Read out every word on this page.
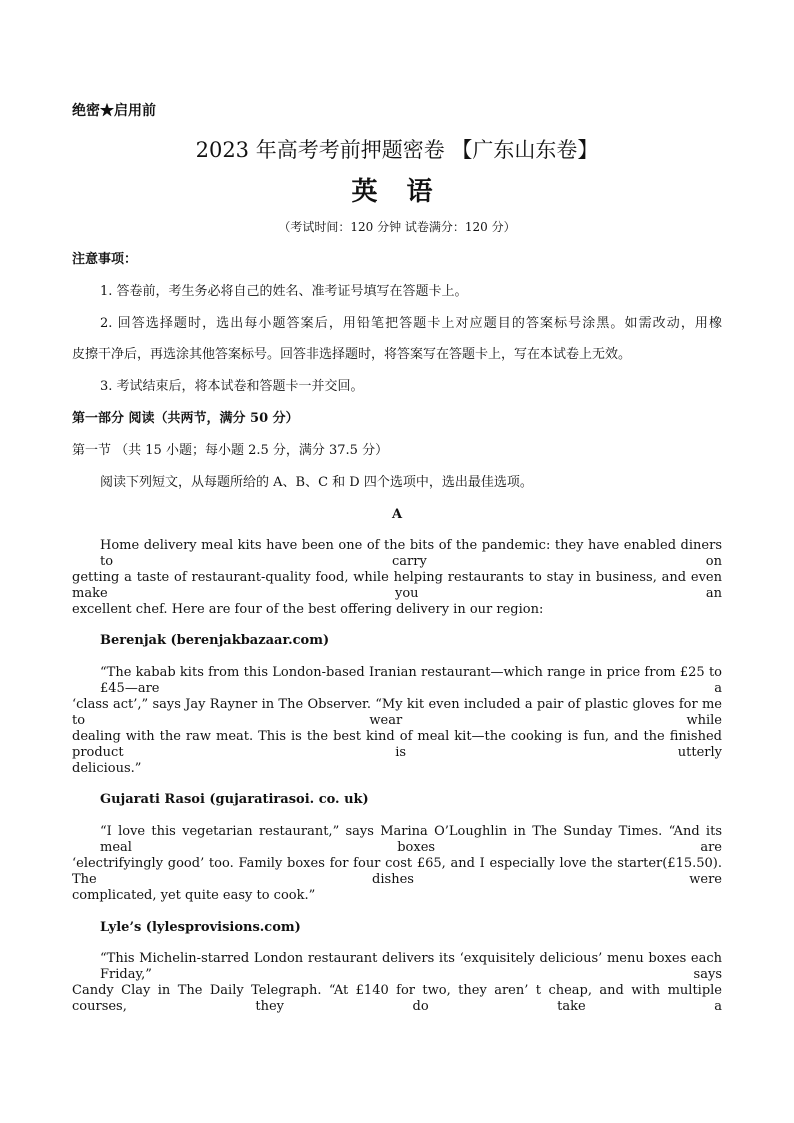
绝密★启用前
2023 年高考考前押题密卷 【广东山东卷】
英 语
（考试时间：120 分钟 试卷满分：120 分）
注意事项：
1. 答卷前，考生务必将自己的姓名、准考证号填写在答题卡上。
2. 回答选择题时，选出每小题答案后，用铅笔把答题卡上对应题目的答案标号涂黑。如需改动，用橡
皮擦干净后，再选涂其他答案标号。回答非选择题时，将答案写在答题卡上，写在本试卷上无效。
3. 考试结束后，将本试卷和答题卡一并交回。
第一部分 阅读（共两节，满分 50 分）
第一节 （共 15 小题；每小题 2.5 分，满分 37.5 分）
阅读下列短文，从每题所给的 A、B、C 和 D 四个选项中，选出最佳选项。
A
Home delivery meal kits have been one of the bits of the pandemic: they have enabled diners to carry on
getting a taste of restaurant-quality food, while helping restaurants to stay in business, and even make you an
excellent chef. Here are four of the best offering delivery in our region:
Berenjak (berenjakbazaar.com)
“The kabab kits from this London-based Iranian restaurant—which range in price from £25 to £45—are a
‘class act’,” says Jay Rayner in The Observer. “My kit even included a pair of plastic gloves for me to wear while
dealing with the raw meat. This is the best kind of meal kit—the cooking is fun, and the finished product is utterly
delicious.”
Gujarati Rasoi (gujaratirasoi. co. uk)
“I love this vegetarian restaurant,” says Marina O’Loughlin in The Sunday Times. “And its meal boxes are
‘electrifyingly good’ too. Family boxes for four cost £65, and I especially love the starter(£15.50). The dishes were
complicated, yet quite easy to cook.”
Lyle’s (lylesprovisions.com)
“This Michelin-starred London restaurant delivers its ‘exquisitely delicious’ menu boxes each Friday,” says
Candy Clay in The Daily Telegraph. “At £140 for two, they aren’ t cheap, and with multiple courses, they do take a
